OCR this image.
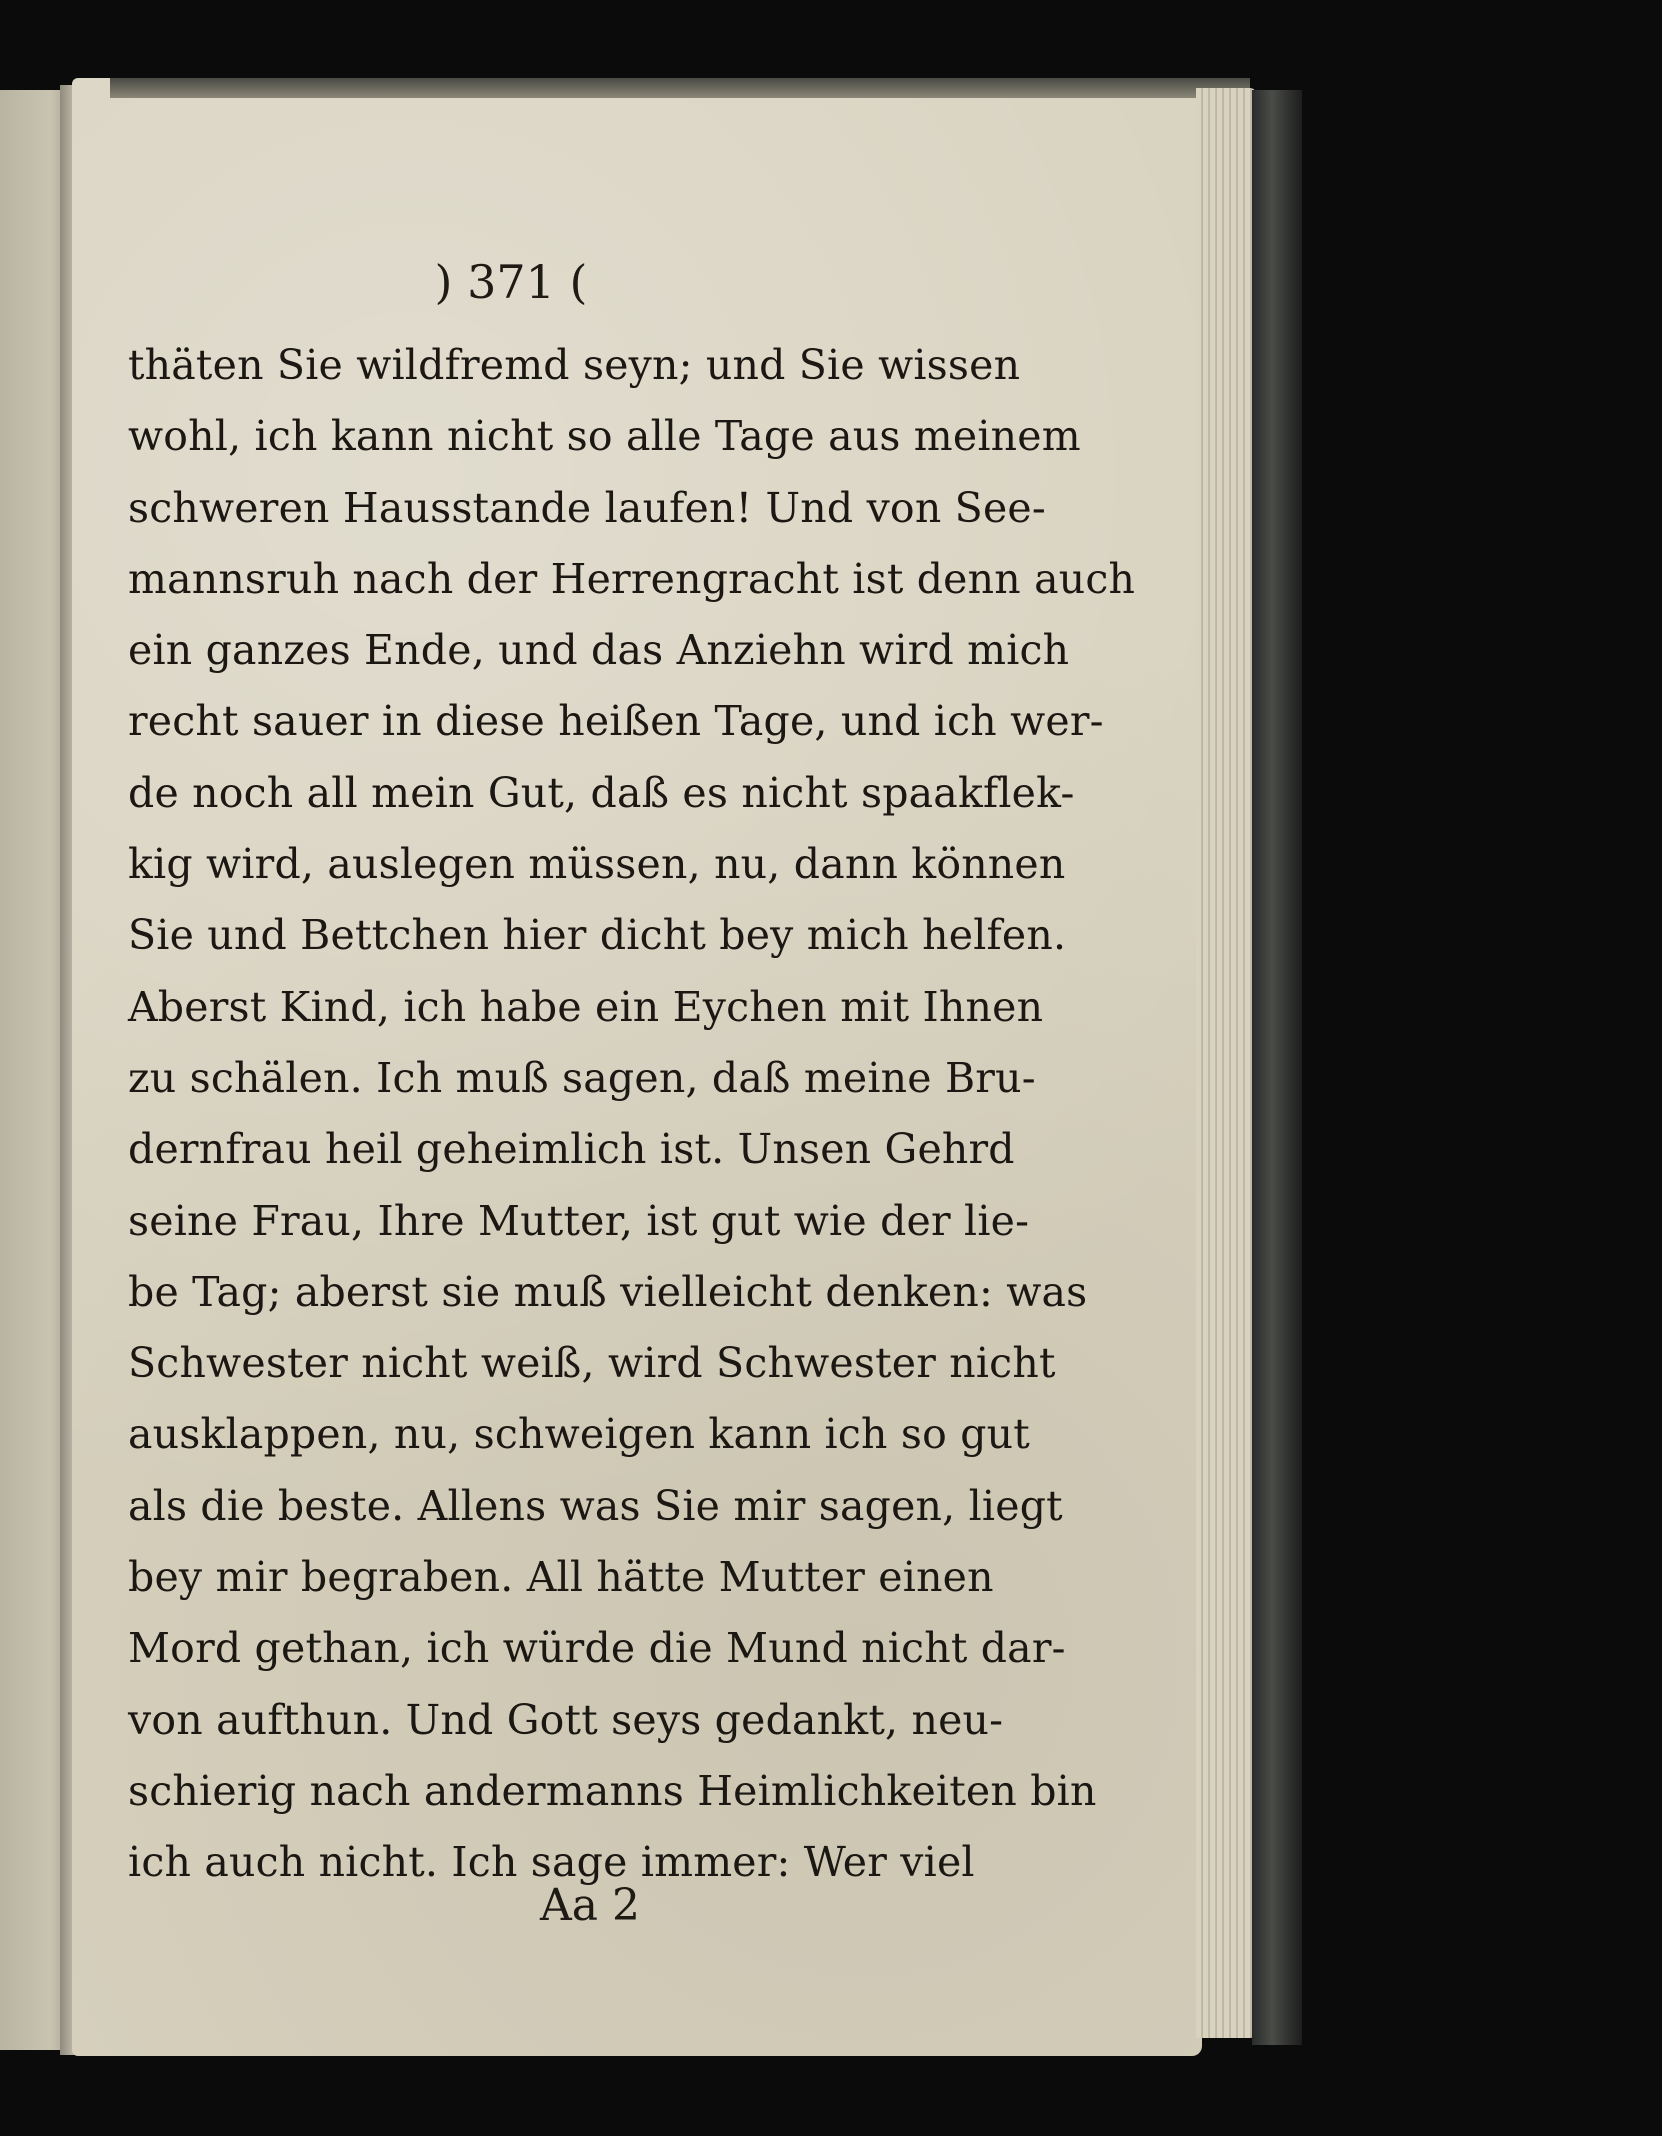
) 371 (
thäten Sie wildfremd seyn; und Sie wissen
wohl, ich kann nicht so alle Tage aus meinem
schweren Hausstande laufen! Und von See-
mannsruh nach der Herrengracht ist denn auch
ein ganzes Ende, und das Anziehn wird mich
recht sauer in diese heißen Tage, und ich wer-
de noch all mein Gut, daß es nicht spaakflek-
kig wird, auslegen müssen, nu, dann können
Sie und Bettchen hier dicht bey mich helfen.
Aberst Kind, ich habe ein Eychen mit Ihnen
zu schälen. Ich muß sagen, daß meine Bru-
dernfrau heil geheimlich ist. Unsen Gehrd
seine Frau, Ihre Mutter, ist gut wie der lie-
be Tag; aberst sie muß vielleicht denken: was
Schwester nicht weiß, wird Schwester nicht
ausklappen, nu, schweigen kann ich so gut
als die beste. Allens was Sie mir sagen, liegt
bey mir begraben. All hätte Mutter einen
Mord gethan, ich würde die Mund nicht dar-
von aufthun. Und Gott seys gedankt, neu-
schierig nach andermanns Heimlichkeiten bin
ich auch nicht. Ich sage immer: Wer viel
Aa 2
